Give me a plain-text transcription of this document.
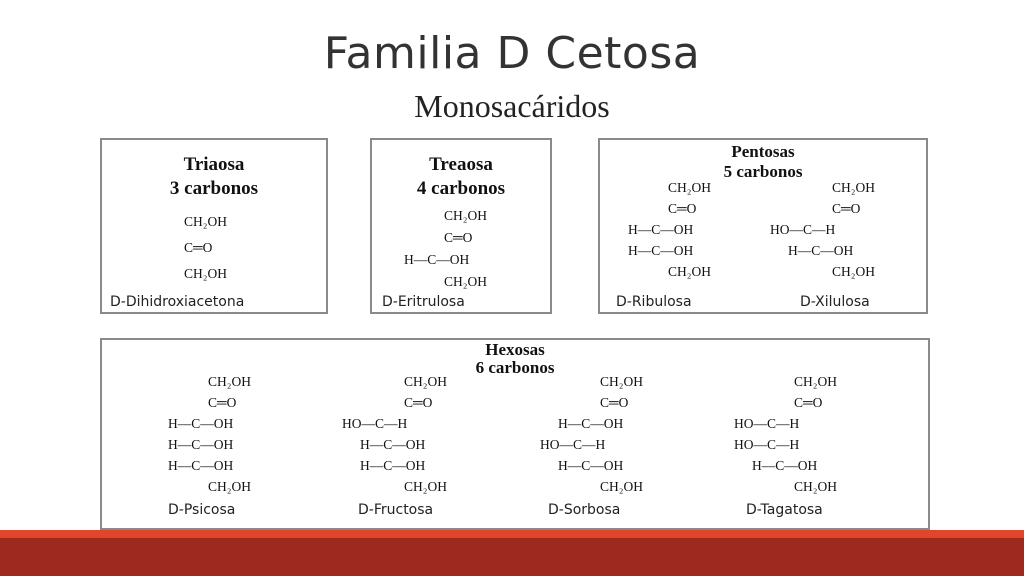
Familia D Cetosa
Monosacáridos
Triaosa
3 carbonos
CH₂OH
C═O
CH₂OH
D-Dihidroxiacetona
Treaosa
4 carbonos
CH₂OH
C═O
H—C—OH
CH₂OH
D-Eritrulosa
Pentosas
5 carbonos
CH₂OH
C═O
H—C—OH
H—C—OH
CH₂OH
D-Ribulosa
CH₂OH
C═O
HO—C—H
H—C—OH
CH₂OH
D-Xilulosa
Hexosas
6 carbonos
CH₂OH
C═O
H—C—OH
H—C—OH
H—C—OH
CH₂OH
D-Psicosa
CH₂OH
C═O
HO—C—H
H—C—OH
H—C—OH
CH₂OH
D-Fructosa
CH₂OH
C═O
H—C—OH
HO—C—H
H—C—OH
CH₂OH
D-Sorbosa
CH₂OH
C═O
HO—C—H
HO—C—H
H—C—OH
CH₂OH
D-Tagatosa
